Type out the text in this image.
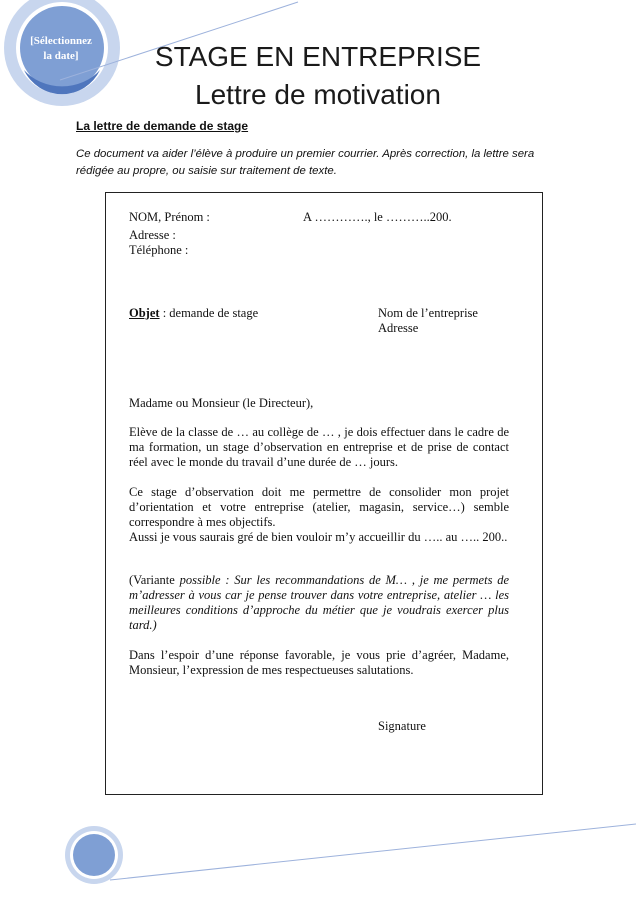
[Sélectionnez la date]	STAGE EN ENTREPRISE
Lettre de motivation
La lettre de demande de stage
Ce document va aider l’élève à produire un premier courrier. Après correction, la lettre sera rédigée au propre, ou saisie sur traitement de texte.
NOM, Prénom :	A …………., le ………..200.
Adresse :
Téléphone :
Objet : demande de stage	Nom de l’entreprise
Adresse
Madame ou Monsieur (le Directeur),
Elève de la classe de … au collège de … , je dois effectuer dans le cadre de ma formation, un stage d’observation en entreprise et de prise de contact réel avec le monde du travail d’une durée de … jours.
Ce stage d’observation doit me permettre de consolider mon projet d’orientation et votre entreprise (atelier, magasin, service…) semble correspondre à mes objectifs.
Aussi je vous saurais gré de bien vouloir m’y accueillir du ….. au ….. 200..
(Variante possible : Sur les recommandations de M… , je me permets de m’adresser à vous car je pense trouver dans votre entreprise, atelier … les meilleures conditions d’approche du métier que je voudrais exercer plus tard.)
Dans l’espoir d’une réponse favorable, je vous prie d’agréer, Madame, Monsieur, l’expression de mes respectueuses salutations.
Signature
